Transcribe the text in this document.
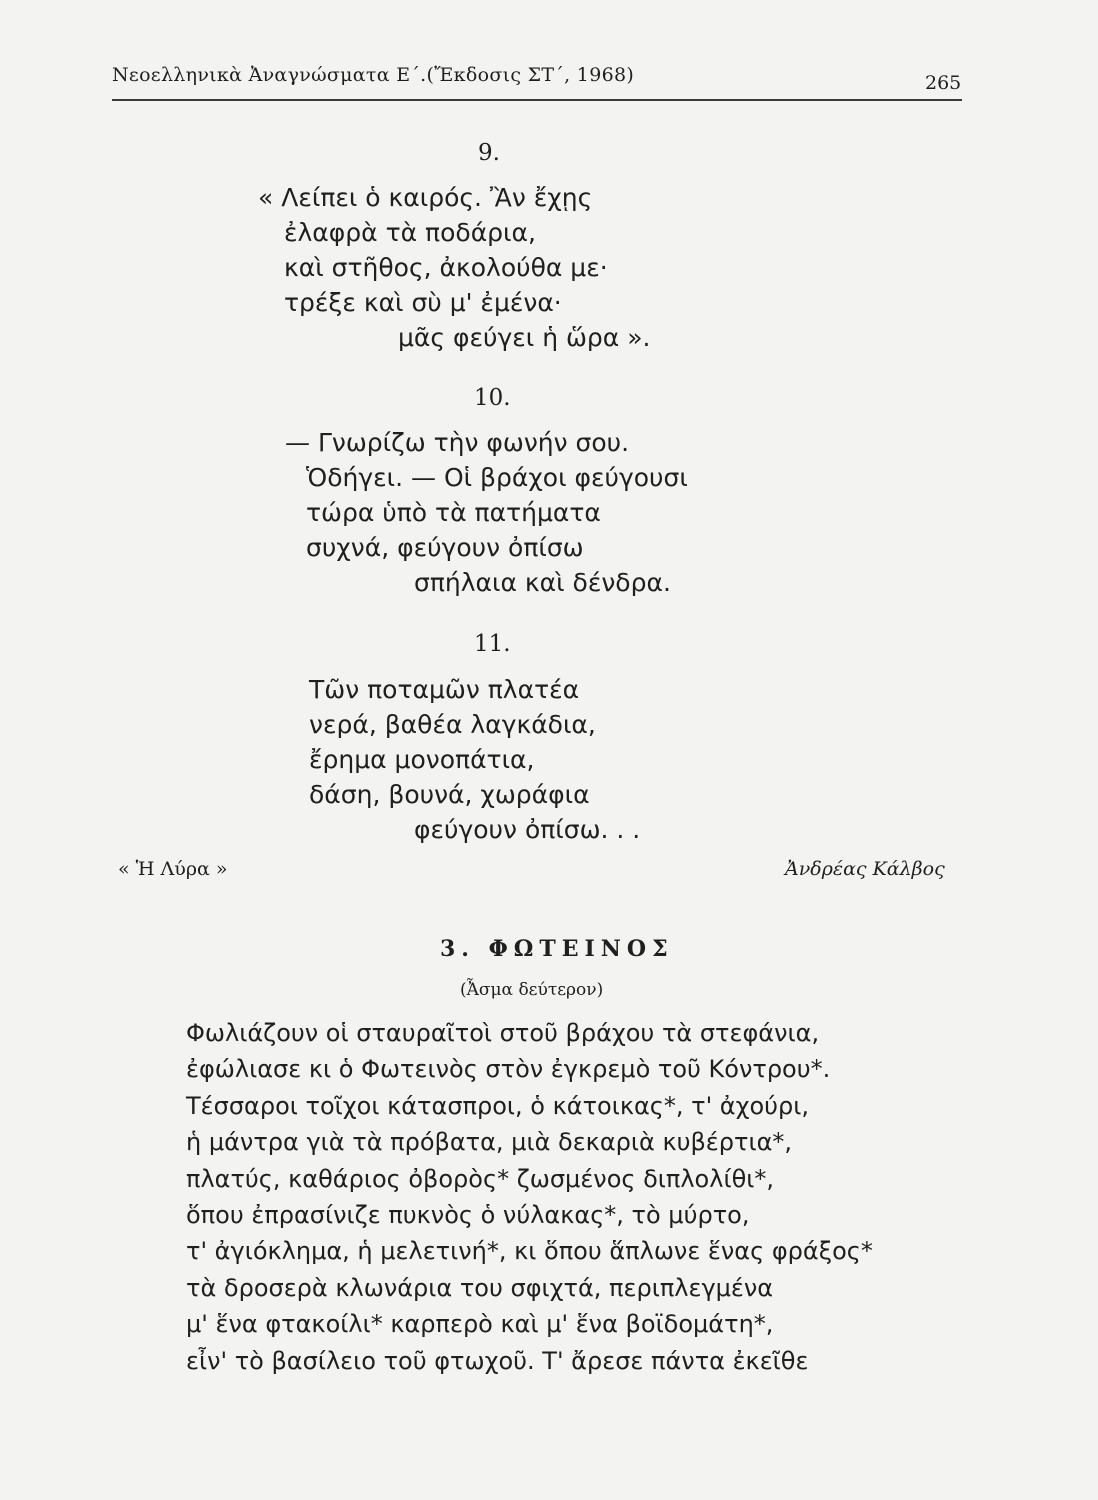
Νεοελληνικὰ Ἀναγνώσματα Ε΄.(Ἔκδοσις ΣΤ΄, 1968)	265
9.
« Λείπει ὁ καιρός. Ἂν ἔχῃς
ἐλαφρὰ τὰ ποδάρια,
καὶ στῆθος, ἀκολούθα με·
τρέξε καὶ σὺ μ' ἐμένα·
μᾶς φεύγει ἡ ὥρα ».
10.
— Γνωρίζω τὴν φωνήν σου.
Ὁδήγει. — Οἱ βράχοι φεύγουσι
τώρα ὑπὸ τὰ πατήματα
συχνά, φεύγουν ὀπίσω
σπήλαια καὶ δένδρα.
11.
Τῶν ποταμῶν πλατέα
νερά, βαθέα λαγκάδια,
ἔρημα μονοπάτια,
δάση, βουνά, χωράφια
φεύγουν ὀπίσω. . .
« Ἡ Λύρα »	Ἀνδρέας Κάλβος
3. ΦΩΤΕΙΝΟΣ
(Ἆσμα δεύτερον)
Φωλιάζουν οἱ σταυραῖτοὶ στοῦ βράχου τὰ στεφάνια,
ἐφώλιασε κι ὁ Φωτεινὸς στὸν ἐγκρεμὸ τοῦ Κόντρου*.
Τέσσαροι τοῖχοι κάτασπροι, ὁ κάτοικας*, τ' ἀχούρι,
ἡ μάντρα γιὰ τὰ πρόβατα, μιὰ δεκαριὰ κυβέρτια*,
πλατύς, καθάριος ὀβορὸς* ζωσμένος διπλολίθι*,
ὅπου ἐπρασίνιζε πυκνὸς ὁ νύλακας*, τὸ μύρτο,
τ' ἀγιόκλημα, ἡ μελετινή*, κι ὅπου ἅπλωνε ἕνας φράξος*
τὰ δροσερὰ κλωνάρια του σφιχτά, περιπλεγμένα
μ' ἕνα φτακοίλι* καρπερὸ καὶ μ' ἕνα βοϊδομάτη*,
εἶν' τὸ βασίλειο τοῦ φτωχοῦ. Τ' ἄρεσε πάντα ἐκεῖθε
